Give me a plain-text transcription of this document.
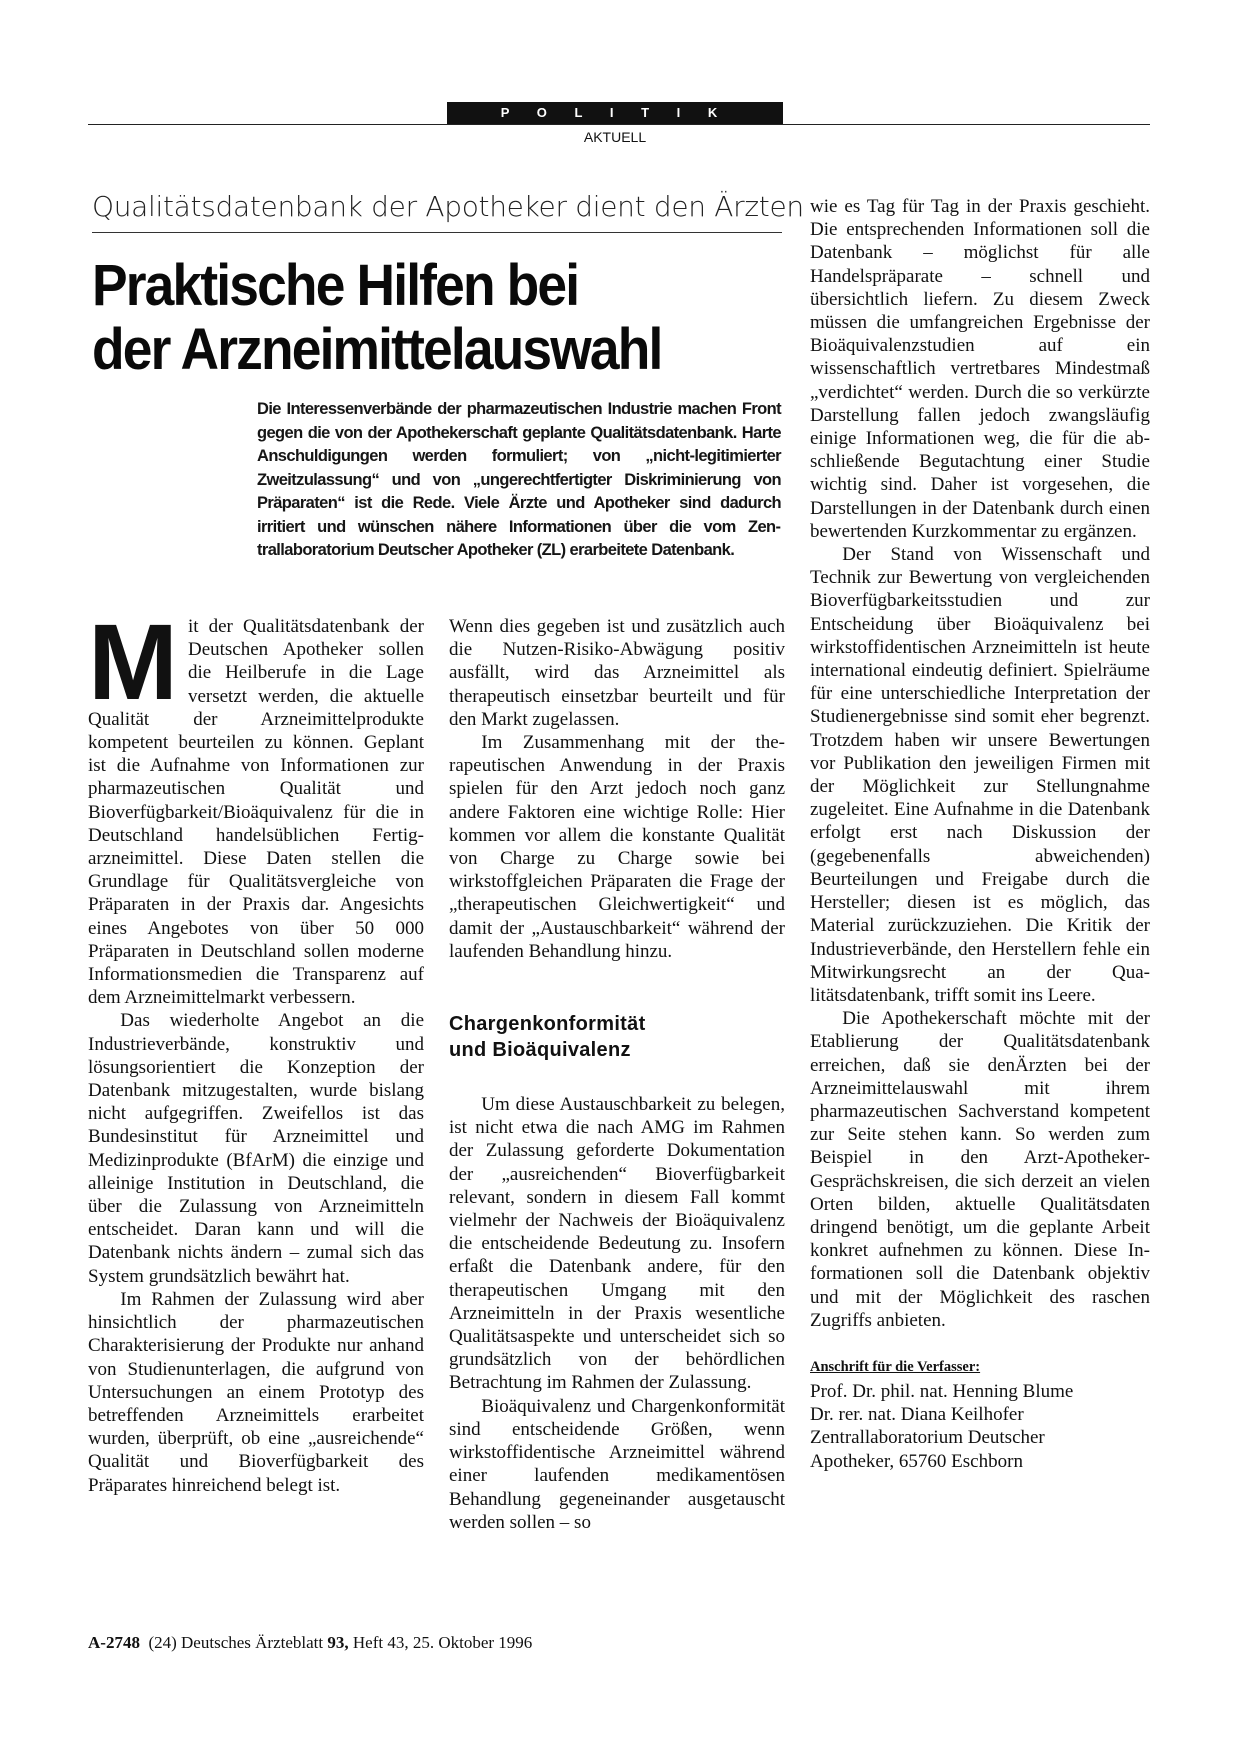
P O L I T I K
AKTUELL
Qualitätsdatenbank der Apotheker dient den Ärzten
Praktische Hilfen bei
der Arzneimittelauswahl

Die Interessenverbände der pharmazeutischen Industrie machen Front gegen die von der Apothekerschaft geplante Qualitätsdatenbank. Harte Anschuldigungen werden formuliert; von „nicht-legitimierter Zweitzulassung“ und von „ungerechtfertigter Diskriminierung von Präparaten“ ist die Rede. Viele Ärzte und Apotheker sind dadurch irritiert und wünschen nähere Informationen über die vom Zentrallaboratorium Deutscher Apotheker (ZL) erarbeitete Datenbank.

Mit der Qualitätsdatenbank der Deutschen Apotheker sollen die Heilberufe in die Lage versetzt werden, die aktuelle Qualität der Arzneimittelprodukte kompetent beurteilen zu können. Geplant ist die Aufnahme von Informationen zur pharmazeutischen Qualität und Bioverfügbarkeit/Bioäquivalenz für die in Deutschland handelsüblichen Fertigarzneimittel. Diese Daten stellen die Grundlage für Qualitätsvergleiche von Präparaten in der Praxis dar. Angesichts eines Angebotes von über 50 000 Präparaten in Deutschland sollen moderne Informationsmedien die Transparenz auf dem Arzneimittelmarkt verbessern.

Das wiederholte Angebot an die Industrieverbände, konstruktiv und lösungsorientiert die Konzeption der Datenbank mitzugestalten, wurde bislang nicht aufgegriffen. Zweifellos ist das Bundesinstitut für Arzneimittel und Medizinprodukte (BfArM) die einzige und alleinige Institution in Deutschland, die über die Zulassung von Arzneimitteln entscheidet. Daran kann und will die Datenbank nichts ändern – zumal sich das System grundsätzlich bewährt hat.

Im Rahmen der Zulassung wird aber hinsichtlich der pharmazeutischen Charakterisierung der Produkte nur anhand von Studienunterlagen, die aufgrund von Untersuchungen an einem Prototyp des betreffenden Arzneimittels erarbeitet wurden, überprüft, ob eine „ausreichende“ Qualität und Bioverfügbarkeit des Präparates hinreichend belegt ist.

Wenn dies gegeben ist und zusätzlich auch die Nutzen-Risiko-Abwägung positiv ausfällt, wird das Arzneimittel als therapeutisch einsetzbar beurteilt und für den Markt zugelassen.

Im Zusammenhang mit der therapeutischen Anwendung in der Praxis spielen für den Arzt jedoch noch ganz andere Faktoren eine wichtige Rolle: Hier kommen vor allem die konstante Qualität von Charge zu Charge sowie bei wirkstoffgleichen Präparaten die Frage der „therapeutischen Gleichwertigkeit“ und damit der „Austauschbarkeit“ während der laufenden Behandlung hinzu.

Chargenkonformität
und Bioäquivalenz

Um diese Austauschbarkeit zu belegen, ist nicht etwa die nach AMG im Rahmen der Zulassung geforderte Dokumentation der „ausreichenden“ Bioverfügbarkeit relevant, sondern in diesem Fall kommt vielmehr der Nachweis der Bioäquivalenz die entscheidende Bedeutung zu. Insofern erfaßt die Datenbank andere, für den therapeutischen Umgang mit den Arzneimitteln in der Praxis wesentliche Qualitätsaspekte und unterscheidet sich so grundsätzlich von der behördlichen Betrachtung im Rahmen der Zulassung.

Bioäquivalenz und Chargenkonformität sind entscheidende Größen, wenn wirkstoffidentische Arzneimittel während einer laufenden medikamentösen Behandlung gegeneinander ausgetauscht werden sollen – so

wie es Tag für Tag in der Praxis geschieht. Die entsprechenden Informationen soll die Datenbank – möglichst für alle Handelspräparate – schnell und übersichtlich liefern. Zu diesem Zweck müssen die umfangreichen Ergebnisse der Bioäquivalenzstudien auf ein wissenschaftlich vertretbares Mindestmaß „verdichtet“ werden. Durch die so verkürzte Darstellung fallen jedoch zwangsläufig einige Informationen weg, die für die abschließende Begutachtung einer Studie wichtig sind. Daher ist vorgesehen, die Darstellungen in der Datenbank durch einen bewertenden Kurzkommentar zu ergänzen.

Der Stand von Wissenschaft und Technik zur Bewertung von vergleichenden Bioverfügbarkeitsstudien und zur Entscheidung über Bioäquivalenz bei wirkstoffidentischen Arzneimitteln ist heute international eindeutig definiert. Spielräume für eine unterschiedliche Interpretation der Studienergebnisse sind somit eher begrenzt. Trotzdem haben wir unsere Bewertungen vor Publikation den jeweiligen Firmen mit der Möglichkeit zur Stellungnahme zugeleitet. Eine Aufnahme in die Datenbank erfolgt erst nach Diskussion der (gegebenenfalls abweichenden) Beurteilungen und Freigabe durch die Hersteller; diesen ist es möglich, das Material zurückzuziehen. Die Kritik der Industrieverbände, den Herstellern fehle ein Mitwirkungsrecht an der Qualitätsdatenbank, trifft somit ins Leere.

Die Apothekerschaft möchte mit der Etablierung der Qualitätsdatenbank erreichen, daß sie denÄrzten bei der Arzneimittelauswahl mit ihrem pharmazeutischen Sachverstand kompetent zur Seite stehen kann. So werden zum Beispiel in den Arzt-Apotheker-Gesprächskreisen, die sich derzeit an vielen Orten bilden, aktuelle Qualitätsdaten dringend benötigt, um die geplante Arbeit konkret aufnehmen zu können. Diese Informationen soll die Datenbank objektiv und mit der Möglichkeit des raschen Zugriffs anbieten.

Anschrift für die Verfasser:

Prof. Dr. phil. nat. Henning Blume
Dr. rer. nat. Diana Keilhofer
Zentrallaboratorium Deutscher
Apotheker, 65760 Eschborn

A-2748 (24) Deutsches Ärzteblatt 93, Heft 43, 25. Oktober 1996
